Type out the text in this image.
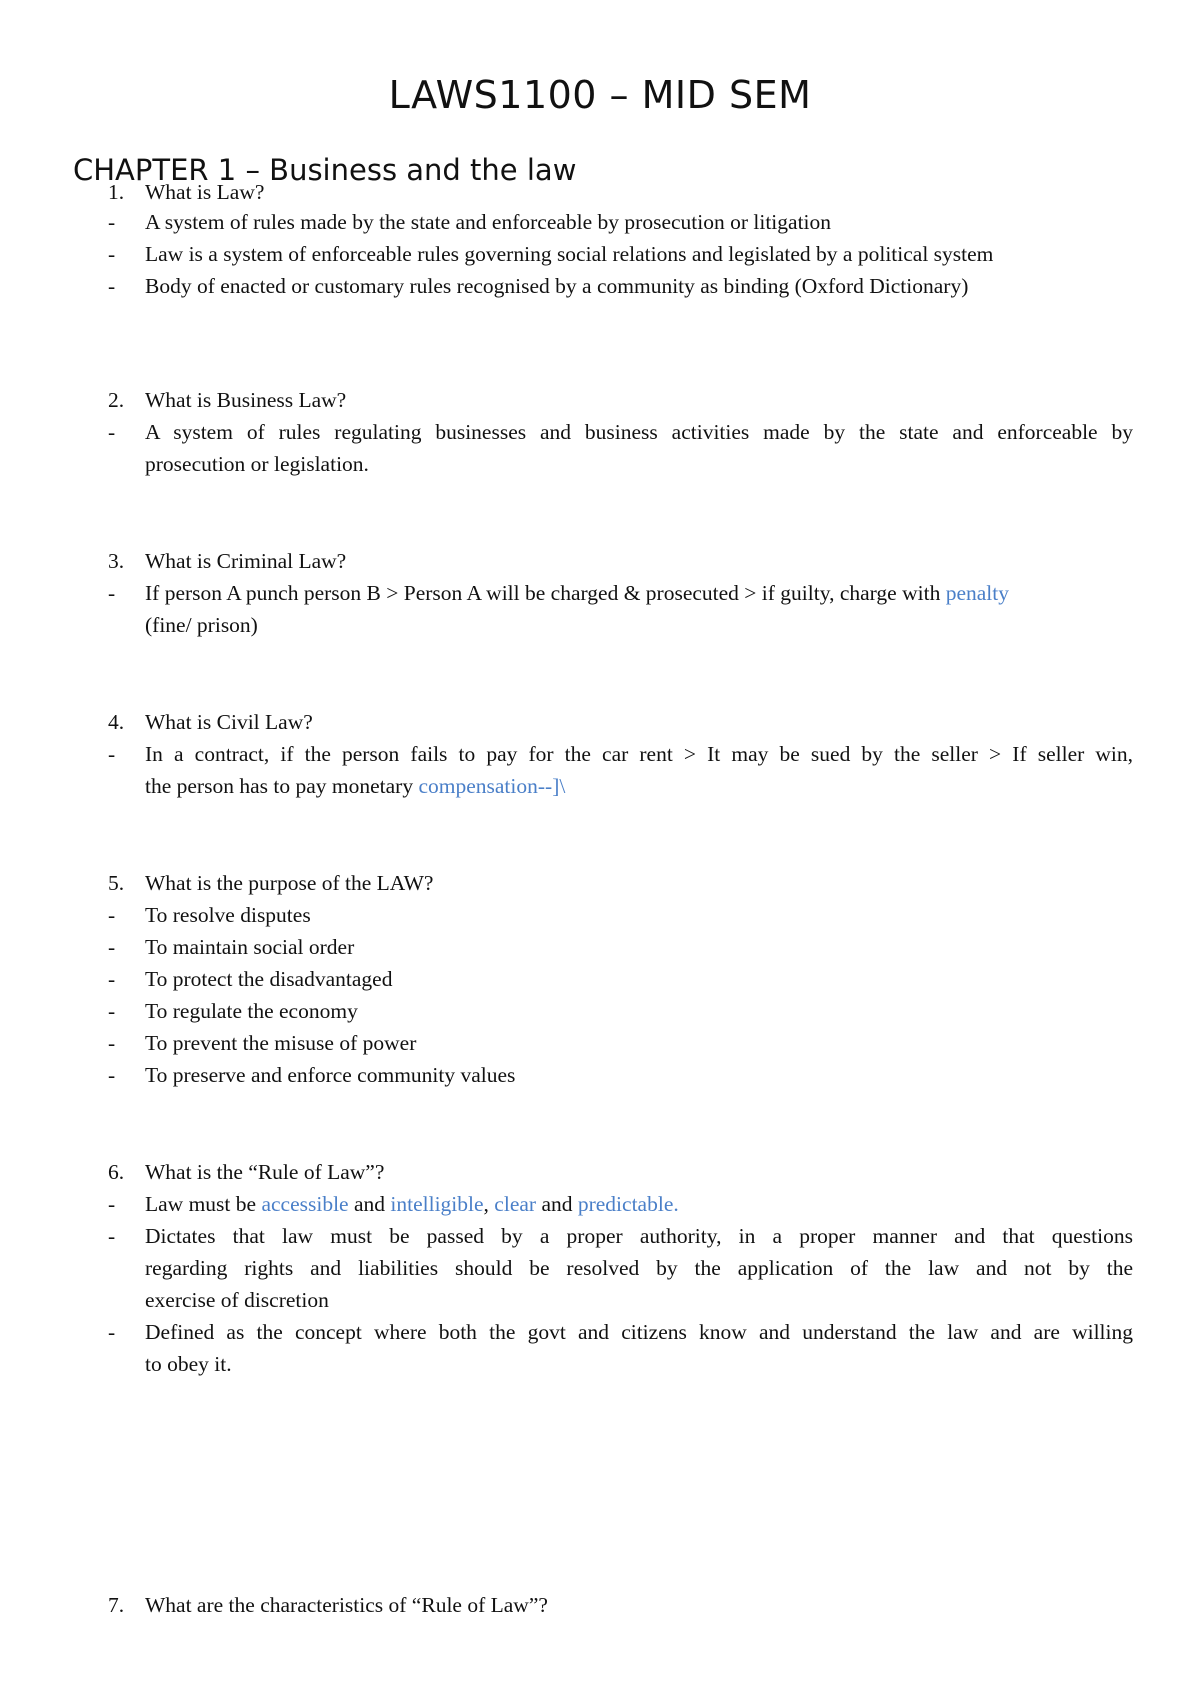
LAWS1100 – MID SEM
CHAPTER 1 – Business and the law
1. What is Law?
-	A system of rules made by the state and enforceable by prosecution or litigation
-	Law is a system of enforceable rules governing social relations and legislated by a political system
-	Body of enacted or customary rules recognised by a community as binding (Oxford Dictionary)
2. What is Business Law?
-	A system of rules regulating businesses and business activities made by the state and enforceable by
prosecution or legislation.
3. What is Criminal Law?
-	If person A punch person B > Person A will be charged & prosecuted > if guilty, charge with penalty
(fine/ prison)
4. What is Civil Law?
-	In a contract, if the person fails to pay for the car rent > It may be sued by the seller > If seller win,
the person has to pay monetary compensation--]\
5. What is the purpose of the LAW?
-	To resolve disputes
-	To maintain social order
-	To protect the disadvantaged
-	To regulate the economy
-	To prevent the misuse of power
-	To preserve and enforce community values
6. What is the “Rule of Law”?
-	Law must be accessible and intelligible, clear and predictable.
-	Dictates that law must be passed by a proper authority, in a proper manner and that questions
regarding rights and liabilities should be resolved by the application of the law and not by the
exercise of discretion
-	Defined as the concept where both the govt and citizens know and understand the law and are willing
to obey it.
7. What are the characteristics of “Rule of Law”?
